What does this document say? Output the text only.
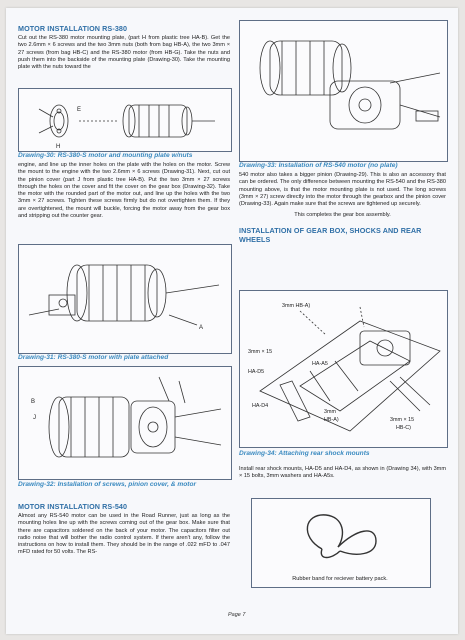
MOTOR INSTALLATION RS-380

Cut out the RS-380 motor mounting plate, (part H from plastic tree HA-B). Get the two 2.6mm × 6 screws and the two 3mm nuts (both from bag HB-A), the two 3mm × 27 screws (from bag HB-C) and the RS-380 motor (from HB-G). Take the nuts and push them into the backside of the mounting plate (Drawing-30). Take the mounting plate with the nuts toward the

E
H
Drawing-30: RS-380-S motor and mounting plate w/nuts

engine, and line up the inner holes on the plate with the holes on the motor. Screw the mount to the engine with the two 2.6mm × 6 screws (Drawing-31). Next, cut out the pinion cover (part J from plastic tree HA-B). Put the two 3mm × 27 screws through the holes on the cover and fit the cover on the gear box (Drawing-32). Take the motor with the rounded part of the motor out, and line up the holes with the two 3mm × 27 screws. Tighten these screws firmly but do not overtighten them. If they are overtightened, the mount will buckle, forcing the motor away from the gear box and stripping out the counter gear.

A
Drawing-31: RS-380-S motor with plate attached
B
J
Drawing-32: Installation of screws, pinion cover, & motor
MOTOR INSTALLATION RS-540

Almost any RS-540 motor can be used in the Road Runner, just as long as the mounting holes line up with the screws coming out of the gear box. Make sure that there are capacitors soldered on the back of your motor. The capacitors filter out radio noise that will bother the radio control system. If there aren't any, follow the instructions on how to install them. They should be in the range of .022 mFD to .047 mFD rated for 50 volts. The RS-

Drawing-33: Installation of RS-540 motor (no plate)

540 motor also takes a bigger pinion (Drawing-29). This is also an accessory that can be ordered. The only difference between mounting the RS-540 and the RS-380 mounting above, is that the motor mounting plate is not used. The long screws (3mm × 27) screw directly into the motor through the gearbox and the pinion cover (Drawing-33). Again make sure that the screws are tightened up securely.

This completes the gear box assembly.

INSTALLATION OF GEAR BOX, SHOCKS AND REAR WHEELS
3mm HB-A)
3mm × 15
HA-D5
HA-A5
HA-D4
3mm
HB-A)	3mm × 15
HB-C)
Drawing-34: Attaching rear shock mounts

Install rear shock mounts, HA-D5 and HA-D4, as shown in (Drawing 34), with 3mm × 15 bolts, 3mm washers and HA-A5s.

Rubber band for reciever battery pack.
Page 7
